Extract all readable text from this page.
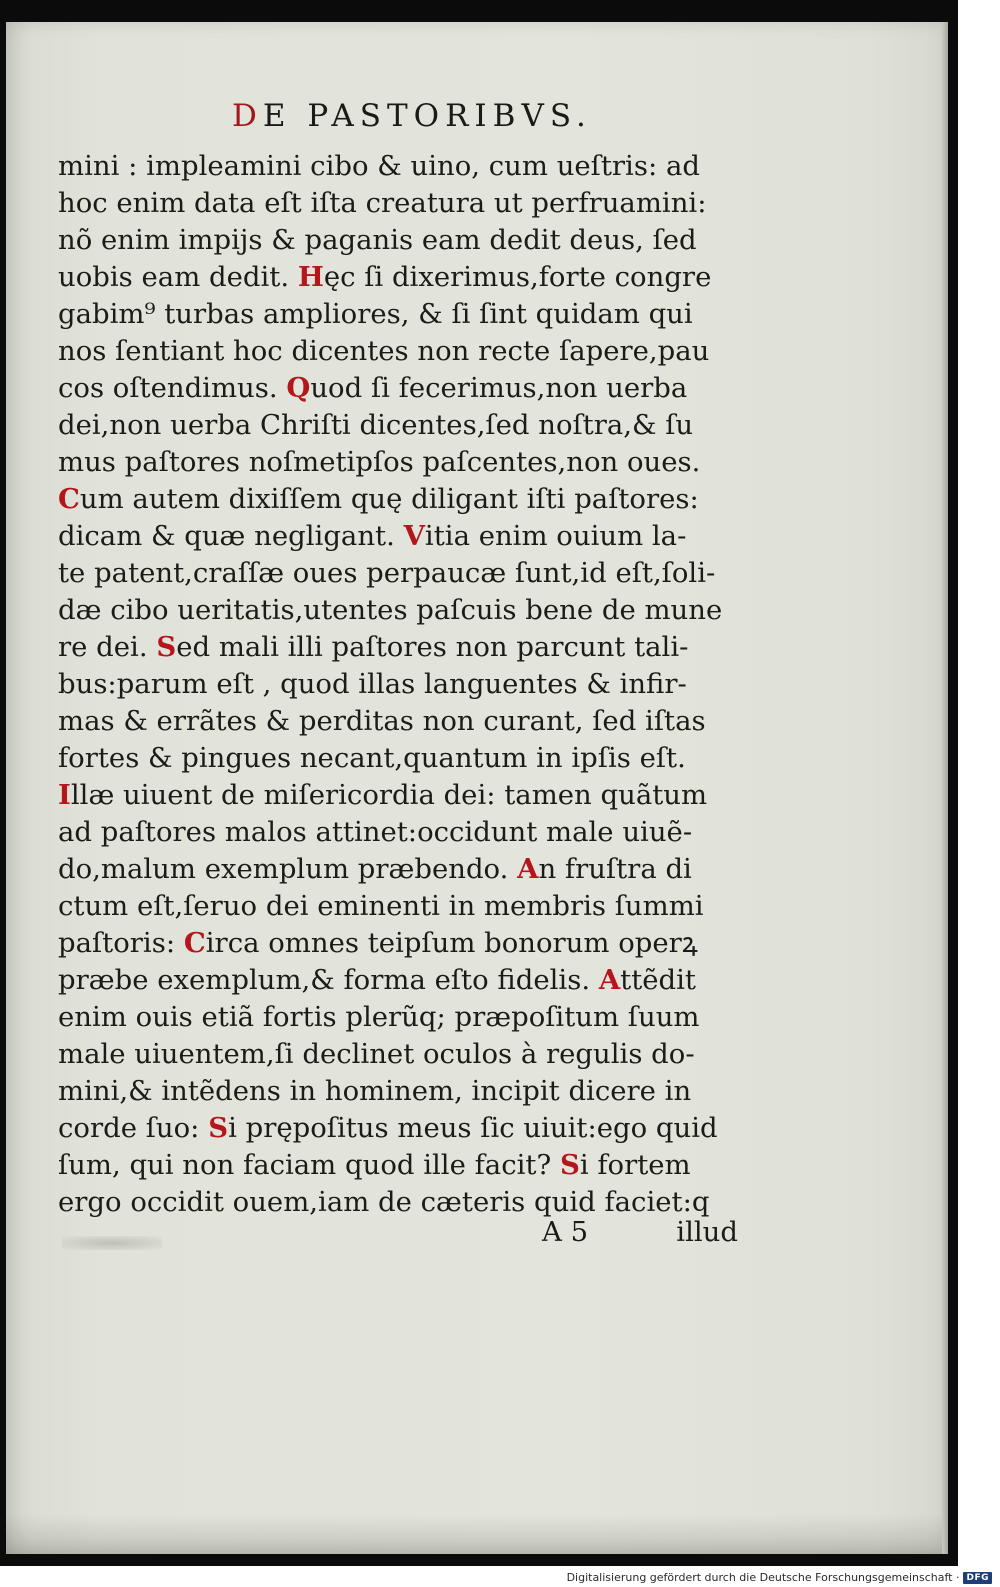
DE PASTORIBVS.
mini : impleamini cibo & uino, cum ueſtris: ad
hoc enim data eſt iſta creatura ut perfruamini:
nõ enim impijs & paganis eam dedit deus, ſed
uobis eam dedit. Hęc ſi dixerimus,forte congre
gabim⁹ turbas ampliores, & ſi ſint quidam qui
nos ſentiant hoc dicentes non recte ſapere,pau
cos oſtendimus. Quod ſi fecerimus,non uerba
dei,non uerba Chriſti dicentes,ſed noſtra,& ſu
mus paſtores noſmetipſos paſcentes,non oues.
Cum autem dixiſſem quę diligant iſti paſtores:
dicam & quæ negligant. Vitia enim ouium la-
te patent,craſſæ oues perpaucæ ſunt,id eſt,ſoli-
dæ cibo ueritatis,utentes paſcuis bene de mune
re dei. Sed mali illi paſtores non parcunt tali-
bus:parum eſt , quod illas languentes & infir-
mas & errãtes & perditas non curant, ſed iſtas
fortes & pingues necant,quantum in ipſis eſt.
Illæ uiuent de miſericordia dei: tamen quãtum
ad paſtores malos attinet:occidunt male uiuẽ-
do,malum exemplum præbendo. An fruſtra di
ctum eſt,ſeruo dei eminenti in membris ſummi
paſtoris: Circa omnes teipſum bonorum operꝝ
præbe exemplum,& forma eſto fidelis. Attẽdit
enim ouis etiã fortis plerũq; præpoſitum ſuum
male uiuentem,ſi declinet oculos à regulis do-
mini,& intẽdens in hominem, incipit dicere in
corde ſuo: Si prępoſitus meus ſic uiuit:ego quid
ſum, qui non faciam quod ille facit? Si fortem
ergo occidit ouem,iam de cæteris quid faciet:q
A 5	illud
Digitalisierung gefördert durch die Deutsche Forschungsgemeinschaft · DFG
